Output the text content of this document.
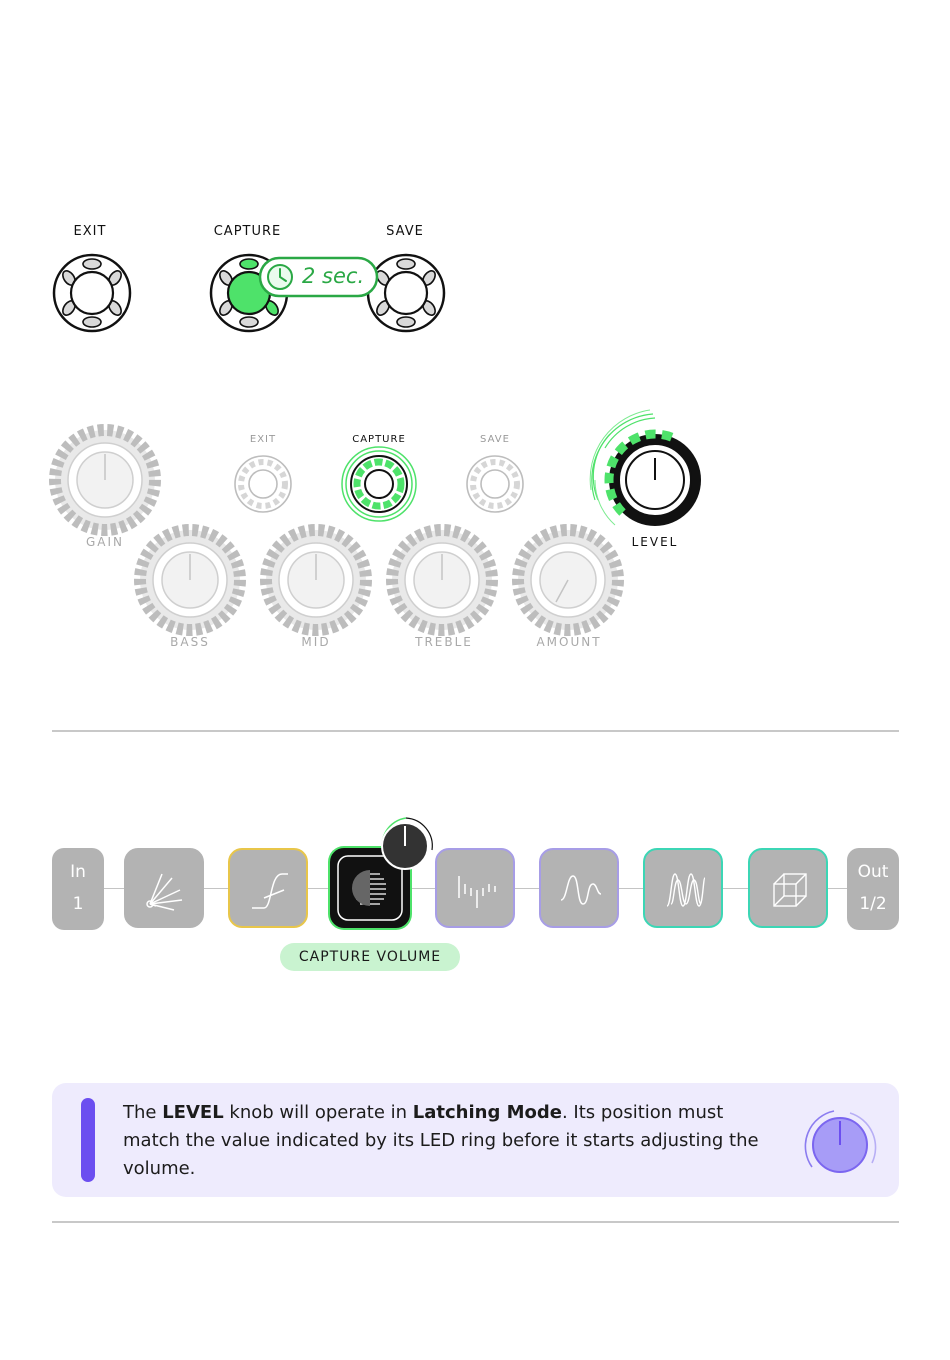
EXIT	CAPTURE	SAVE
2 sec.
EXIT	CAPTURE	SAVE
GAIN	LEVEL
BASS	MID	TREBLE	AMOUNT
In
1
Out
1/2
CAPTURE VOLUME
The LEVEL knob will operate in Latching Mode. Its position must match the value indicated by its LED ring before it starts adjusting the volume.
